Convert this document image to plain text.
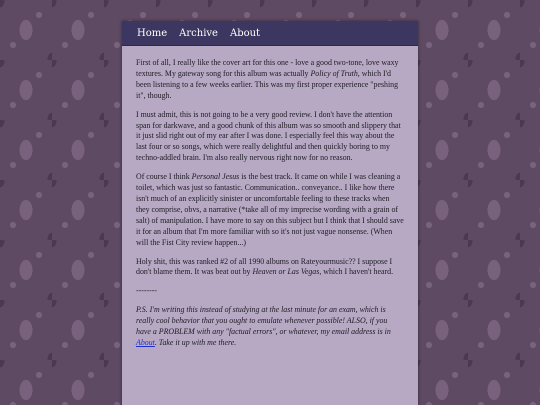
Home Archive About

First of all, I really like the cover art for this one - love a good two-tone, love waxy textures. My gateway song for this album was actually Policy of Truth, which I'd been listening to a few weeks earlier. This was my first proper experience "peshing it", though.

I must admit, this is not going to be a very good review. I don't have the attention span for darkwave, and a good chunk of this album was so smooth and slippery that it just slid right out of my ear after I was done. I especially feel this way about the last four or so songs, which were really delightful and then quickly boring to my techno-addled brain. I'm also really nervous right now for no reason.

Of course I think Personal Jesus is the best track. It came on while I was cleaning a toilet, which was just so fantastic. Communication.. conveyance.. I like how there isn't much of an explicitly sinister or uncomfortable feeling to these tracks when they comprise, obvs, a narrative (*take all of my imprecise wording with a grain of salt) of manipulation. I have more to say on this subject but I think that I should save it for an album that I'm more familiar with so it's not just vague nonsense. (When will the Fist City review happen...)

Holy shit, this was ranked #2 of all 1990 albums on Rateyourmusic?? I suppose I don't blame them. It was beat out by Heaven or Las Vegas, which I haven't heard.

--------

P.S. I'm writing this instead of studying at the last minute for an exam, which is really cool behavior that you ought to emulate whenever possible! ALSO, if you have a PROBLEM with any "factual errors", or whatever, my email address is in About. Take it up with me there.
